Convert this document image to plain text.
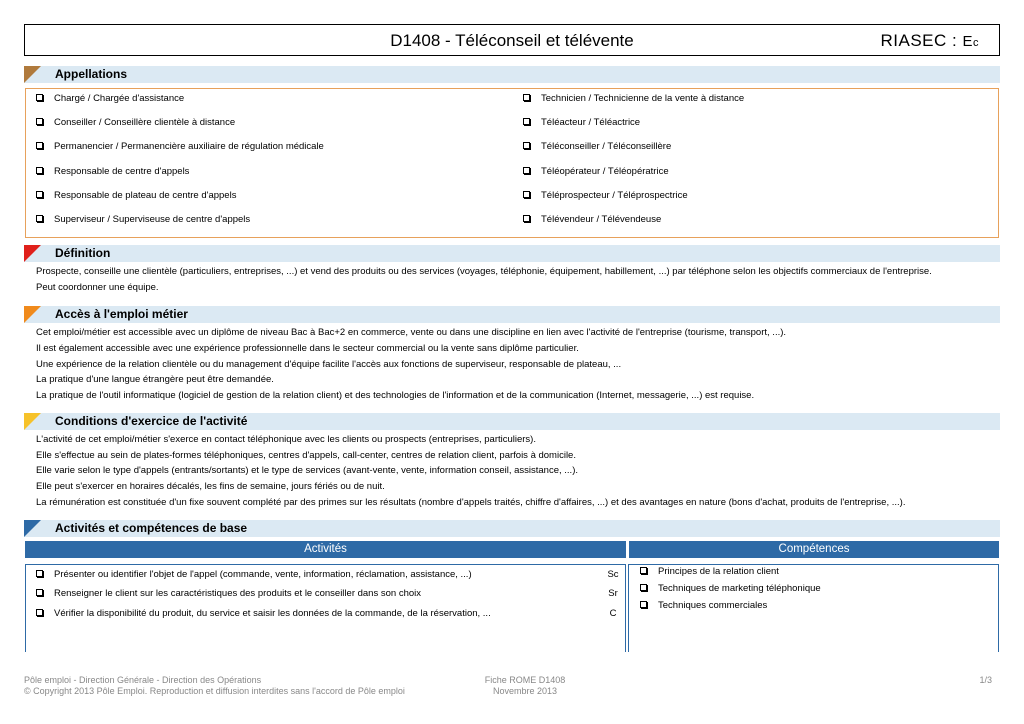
D1408 - Téléconseil et télévente	RIASEC : Ec
Appellations
Chargé / Chargée d'assistance
Conseiller / Conseillère clientèle à distance
Permanencier / Permanencière auxiliaire de régulation médicale
Responsable de centre d'appels
Responsable de plateau de centre d'appels
Superviseur / Superviseuse de centre d'appels
Technicien / Technicienne de la vente à distance
Téléacteur / Téléactrice
Téléconseiller / Téléconseillère
Téléopérateur / Téléopératrice
Téléprospecteur / Téléprospectrice
Télévendeur / Télévendeuse
Définition
Prospecte, conseille une clientèle (particuliers, entreprises, ...) et vend des produits ou des services (voyages, téléphonie, équipement, habillement, ...) par téléphone selon les objectifs commerciaux de l'entreprise.
Peut coordonner une équipe.
Accès à l'emploi métier
Cet emploi/métier est accessible avec un diplôme de niveau Bac à Bac+2 en commerce, vente ou dans une discipline en lien avec l'activité de l'entreprise (tourisme, transport, ...).
Il est également accessible avec une expérience professionnelle dans le secteur commercial ou la vente sans diplôme particulier.
Une expérience de la relation clientèle ou du management d'équipe facilite l'accès aux fonctions de superviseur, responsable de plateau, ...
La pratique d'une langue étrangère peut être demandée.
La pratique de l'outil informatique (logiciel de gestion de la relation client) et des technologies de l'information et de la communication (Internet, messagerie, ...) est requise.
Conditions d'exercice de l'activité
L'activité de cet emploi/métier s'exerce en contact téléphonique avec les clients ou prospects (entreprises, particuliers).
Elle s'effectue au sein de plates-formes téléphoniques, centres d'appels, call-center, centres de relation client, parfois à domicile.
Elle varie selon le type d'appels (entrants/sortants) et le type de services (avant-vente, vente, information conseil, assistance, ...).
Elle peut s'exercer en horaires décalés, les fins de semaine, jours fériés ou de nuit.
La rémunération est constituée d'un fixe souvent complété par des primes sur les résultats (nombre d'appels traités, chiffre d'affaires, ...) et des avantages en nature (bons d'achat, produits de l'entreprise, ...).
Activités et compétences de base
Activités	Compétences
Présenter ou identifier l'objet de l'appel (commande, vente, information, réclamation, assistance, ...)	Sc
Renseigner le client sur les caractéristiques des produits et le conseiller dans son choix	Sr
Vérifier la disponibilité du produit, du service et saisir les données de la commande, de la réservation, ...	C
Principes de la relation client
Techniques de marketing téléphonique
Techniques commerciales
Pôle emploi - Direction Générale - Direction des Opérations
© Copyright 2013 Pôle Emploi. Reproduction et diffusion interdites sans l'accord de Pôle emploi
Fiche ROME D1408
Novembre 2013
1/3
